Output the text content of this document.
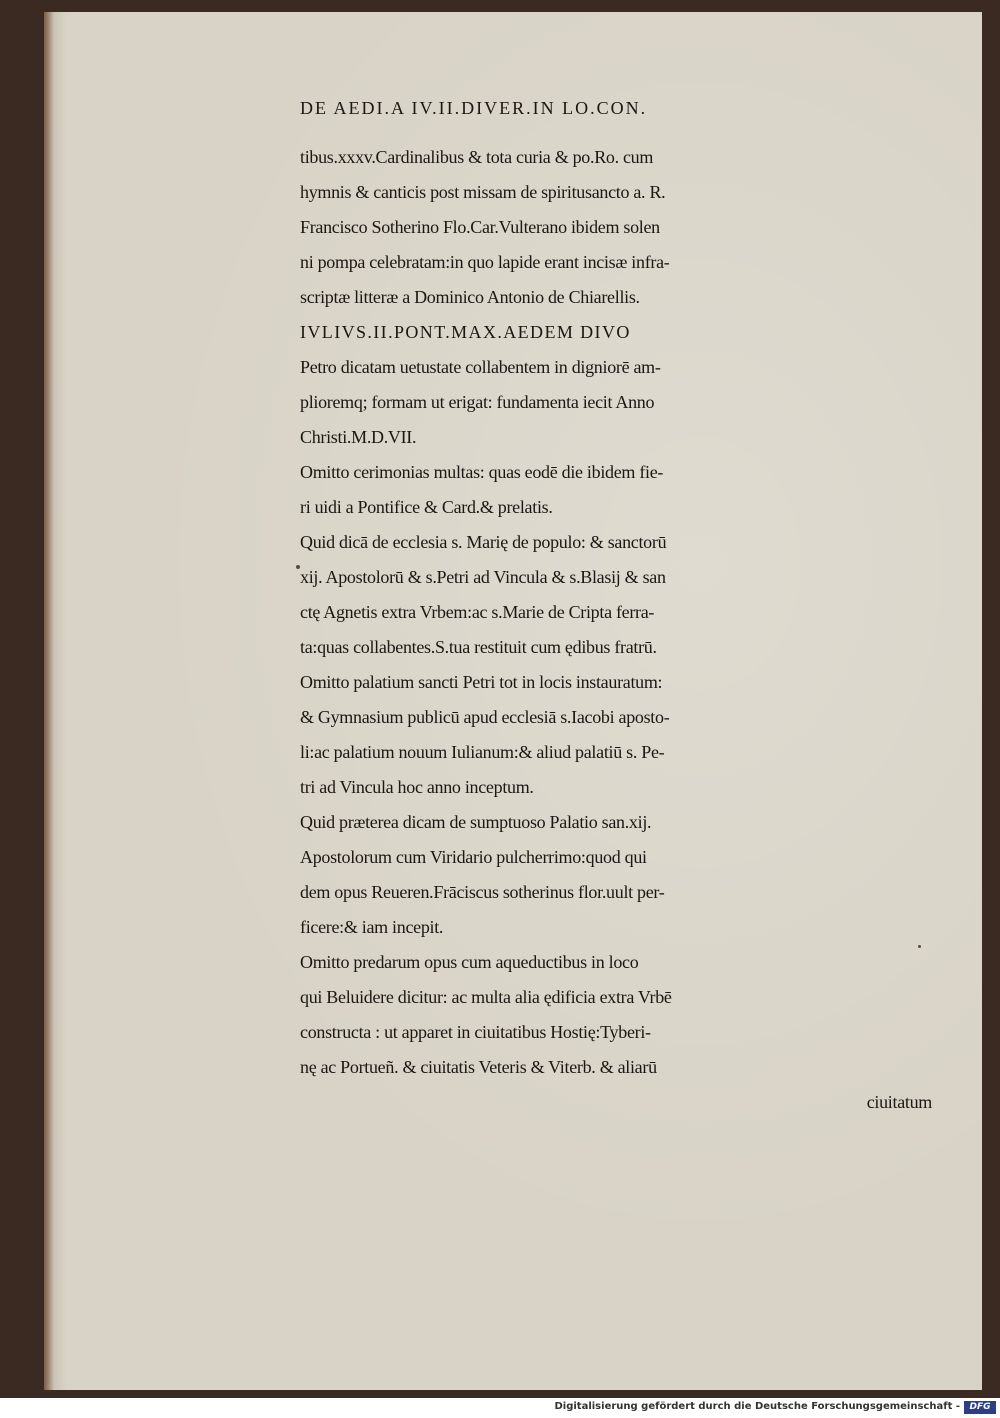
DE AEDI.A IV.II.DIVER.IN LO.CON.
tibus.xxxv.Cardinalibus & tota curia & po.Ro. cum
hymnis & canticis post missam de spiritusancto a. R.
Francisco Sotherino Flo.Car.Vulterano ibidem solen
ni pompa celebratam:in quo lapide erant incisæ infra-
scriptæ litteræ a Dominico Antonio de Chiarellis.
IVLIVS.II.PONT.MAX.AEDEM DIVO
Petro dicatam uetustate collabentem in digniorē am-
plioremq; formam ut erigat: fundamenta iecit Anno
Christi.M.D.VII.
Omitto cerimonias multas: quas eodē die ibidem fie-
ri uidi a Pontifice & Card.& prelatis.
Quid dicā de ecclesia s. Marię de populo: & sanctorū
xij. Apostolorū & s.Petri ad Vincula & s.Blasij & san
ctę Agnetis extra Vrbem:ac s.Marie de Cripta ferra-
ta:quas collabentes.S.tua restituit cum ędibus fratrū.
Omitto palatium sancti Petri tot in locis instauratum:
& Gymnasium publicū apud ecclesiā s.Iacobi aposto-
li:ac palatium nouum Iulianum:& aliud palatiū s. Pe-
tri ad Vincula hoc anno inceptum.
Quid præterea dicam de sumptuoso Palatio san.xij.
Apostolorum cum Viridario pulcherrimo:quod qui
dem opus Reueren.Frāciscus sotherinus flor.uult per-
ficere:& iam incepit.
Omitto predarum opus cum aqueductibus in loco
qui Beluidere dicitur: ac multa alia ędificia extra Vrbē
constructa : ut apparet in ciuitatibus Hostię:Tyberi-
nę ac Portueñ. & ciuitatis Veteris & Viterb. & aliarū
ciuitatum
Digitalisierung gefördert durch die Deutsche Forschungsgemeinschaft -	DFG
